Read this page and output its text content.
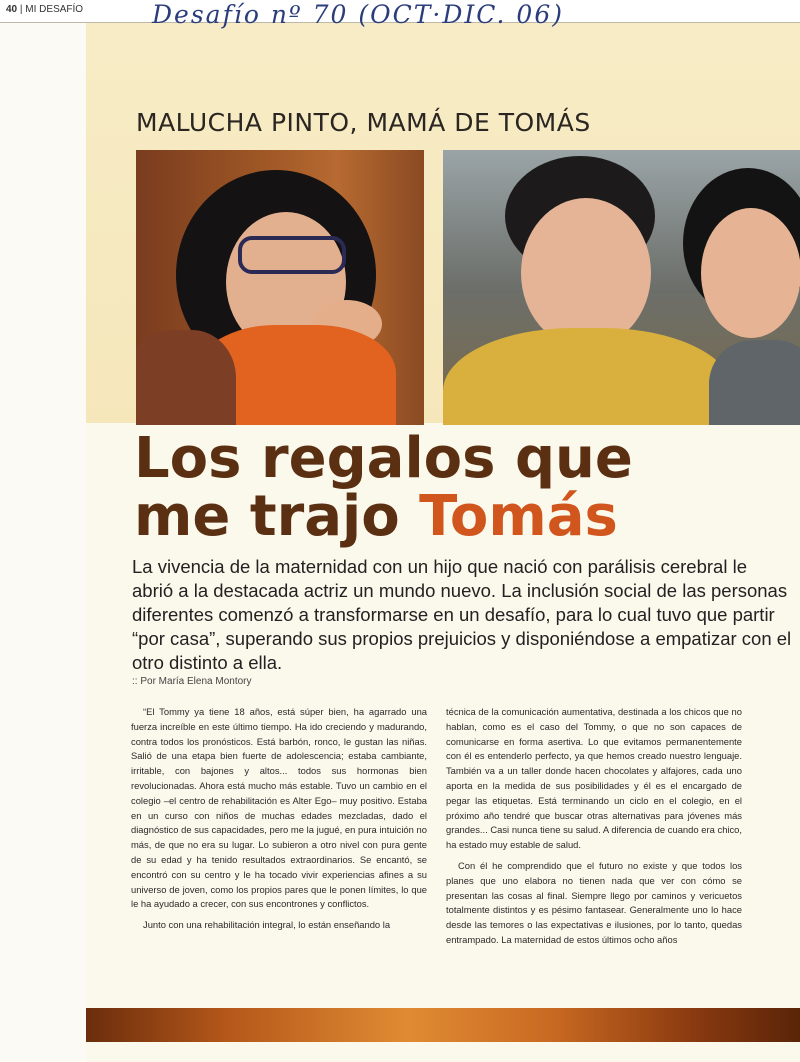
40 | MI DESAFÍO	Desafío nº 70 (OCT·DIC. 06)
MALUCHA PINTO, MAMÁ DE TOMÁS
Los regalos que
me trajo Tomás

La vivencia de la maternidad con un hijo que nació con parálisis cerebral le abrió a la destacada actriz un mundo nuevo. La inclusión social de las personas diferentes comenzó a transformarse en un desafío, para lo cual tuvo que partir “por casa”, superando sus propios prejuicios y disponiéndose a empatizar con el otro distinto a ella.

:: Por María Elena Montory

“El Tommy ya tiene 18 años, está súper bien, ha agarrado una fuerza increíble en este último tiempo. Ha ido creciendo y madurando, contra todos los pronósticos. Está barbón, ronco, le gustan las niñas. Salió de una etapa bien fuerte de adolescencia; estaba cambiante, irritable, con bajones y altos... todos sus hormonas bien revolucionadas. Ahora está mucho más estable. Tuvo un cambio en el colegio –el centro de rehabilitación es Alter Ego– muy positivo. Estaba en un curso con niños de muchas edades mezcladas, dado el diagnóstico de sus capacidades, pero me la jugué, en pura intuición no más, de que no era su lugar. Lo subieron a otro nivel con pura gente de su edad y ha tenido resultados extraordinarios. Se encantó, se encontró con su centro y le ha tocado vivir experiencias afines a su universo de joven, como los propios pares que le ponen límites, lo que le ha ayudado a crecer, con sus encontrones y conflictos.

Junto con una rehabilitación integral, lo están enseñando la

técnica de la comunicación aumentativa, destinada a los chicos que no hablan, como es el caso del Tommy, o que no son capaces de comunicarse en forma asertiva. Lo que evitamos permanentemente con él es entenderlo perfecto, ya que hemos creado nuestro lenguaje. También va a un taller donde hacen chocolates y alfajores, cada uno aporta en la medida de sus posibilidades y él es el encargado de pegar las etiquetas. Está terminando un ciclo en el colegio, en el próximo año tendré que buscar otras alternativas para jóvenes más grandes... Casi nunca tiene su salud. A diferencia de cuando era chico, ha estado muy estable de salud.

Con él he comprendido que el futuro no existe y que todos los planes que uno elabora no tienen nada que ver con cómo se presentan las cosas al final. Siempre llego por caminos y vericuetos totalmente distintos y es pésimo fantasear. Generalmente uno lo hace desde las temores o las expectativas e ilusiones, por lo tanto, quedas entrampado. La maternidad de estos últimos ocho años
